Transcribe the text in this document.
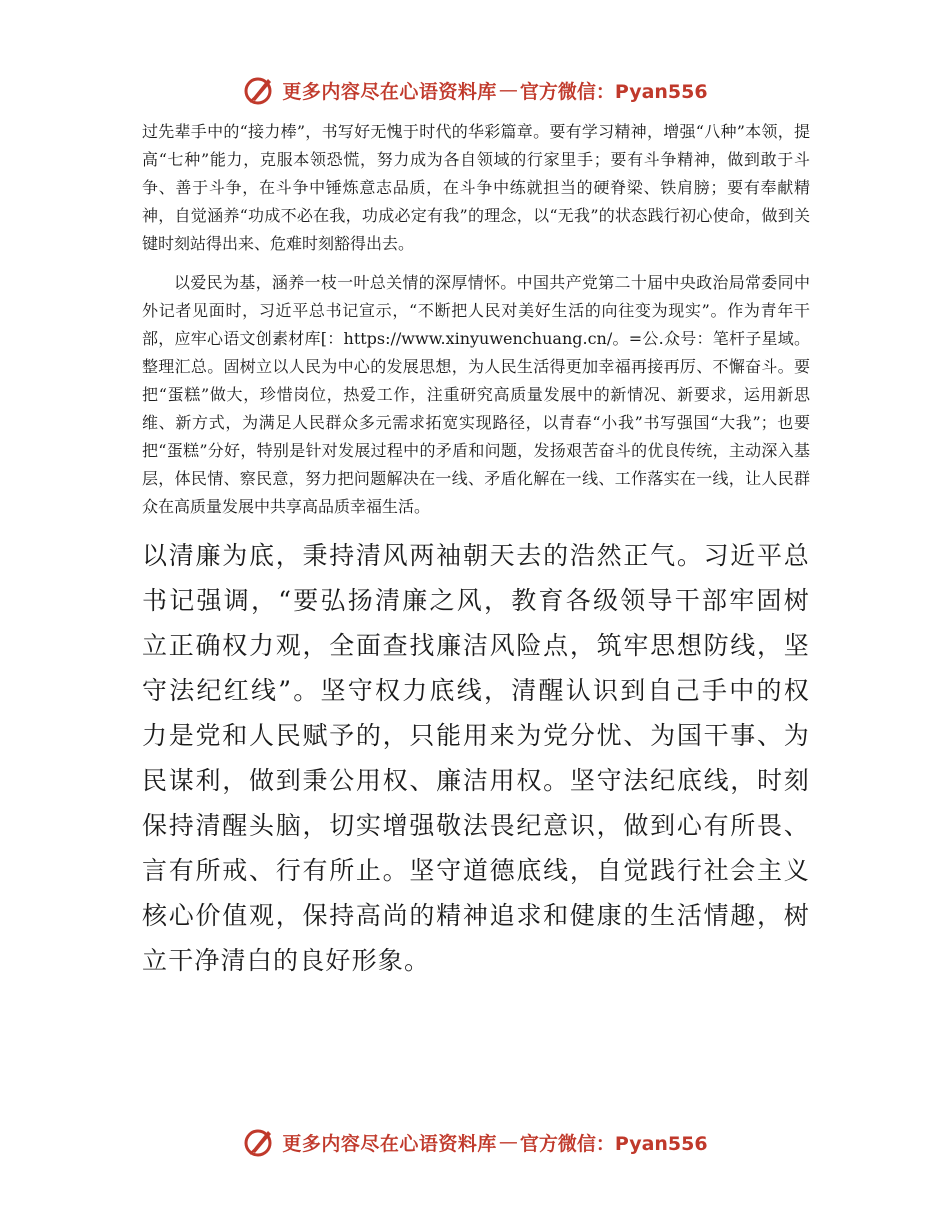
更多内容尽在心语资料库 — 官方微信：Pyan556

过先辈手中的“接力棒”，书写好无愧于时代的华彩篇章。要有学习精神，增强“八种”本领，提高“七种”能力，克服本领恐慌，努力成为各自领域的行家里手；要有斗争精神，做到敢于斗争、善于斗争，在斗争中锤炼意志品质，在斗争中练就担当的硬脊梁、铁肩膀；要有奉献精神，自觉涵养“功成不必在我，功成必定有我”的理念，以“无我”的状态践行初心使命，做到关键时刻站得出来、危难时刻豁得出去。

以爱民为基，涵养一枝一叶总关情的深厚情怀。中国共产党第二十届中央政治局常委同中外记者见面时，习近平总书记宣示，“不断把人民对美好生活的向往变为现实”。作为青年干部，应牢心语文创素材库[：https://www.xinyuwenchuang.cn/。=公.众号：笔杆子星域。整理汇总。固树立以人民为中心的发展思想，为人民生活得更加幸福再接再厉、不懈奋斗。要把“蛋糕”做大，珍惜岗位，热爱工作，注重研究高质量发展中的新情况、新要求，运用新思维、新方式，为满足人民群众多元需求拓宽实现路径，以青春“小我”书写强国“大我”；也要把“蛋糕”分好，特别是针对发展过程中的矛盾和问题，发扬艰苦奋斗的优良传统，主动深入基层，体民情、察民意，努力把问题解决在一线、矛盾化解在一线、工作落实在一线，让人民群众在高质量发展中共享高品质幸福生活。

以清廉为底，秉持清风两袖朝天去的浩然正气。习近平总书记强调，“要弘扬清廉之风，教育各级领导干部牢固树立正确权力观，全面查找廉洁风险点，筑牢思想防线，坚守法纪红线”。坚守权力底线，清醒认识到自己手中的权力是党和人民赋予的，只能用来为党分忧、为国干事、为民谋利，做到秉公用权、廉洁用权。坚守法纪底线，时刻保持清醒头脑，切实增强敬法畏纪意识，做到心有所畏、言有所戒、行有所止。坚守道德底线，自觉践行社会主义核心价值观，保持高尚的精神追求和健康的生活情趣，树立干净清白的良好形象。

更多内容尽在心语资料库 — 官方微信：Pyan556
